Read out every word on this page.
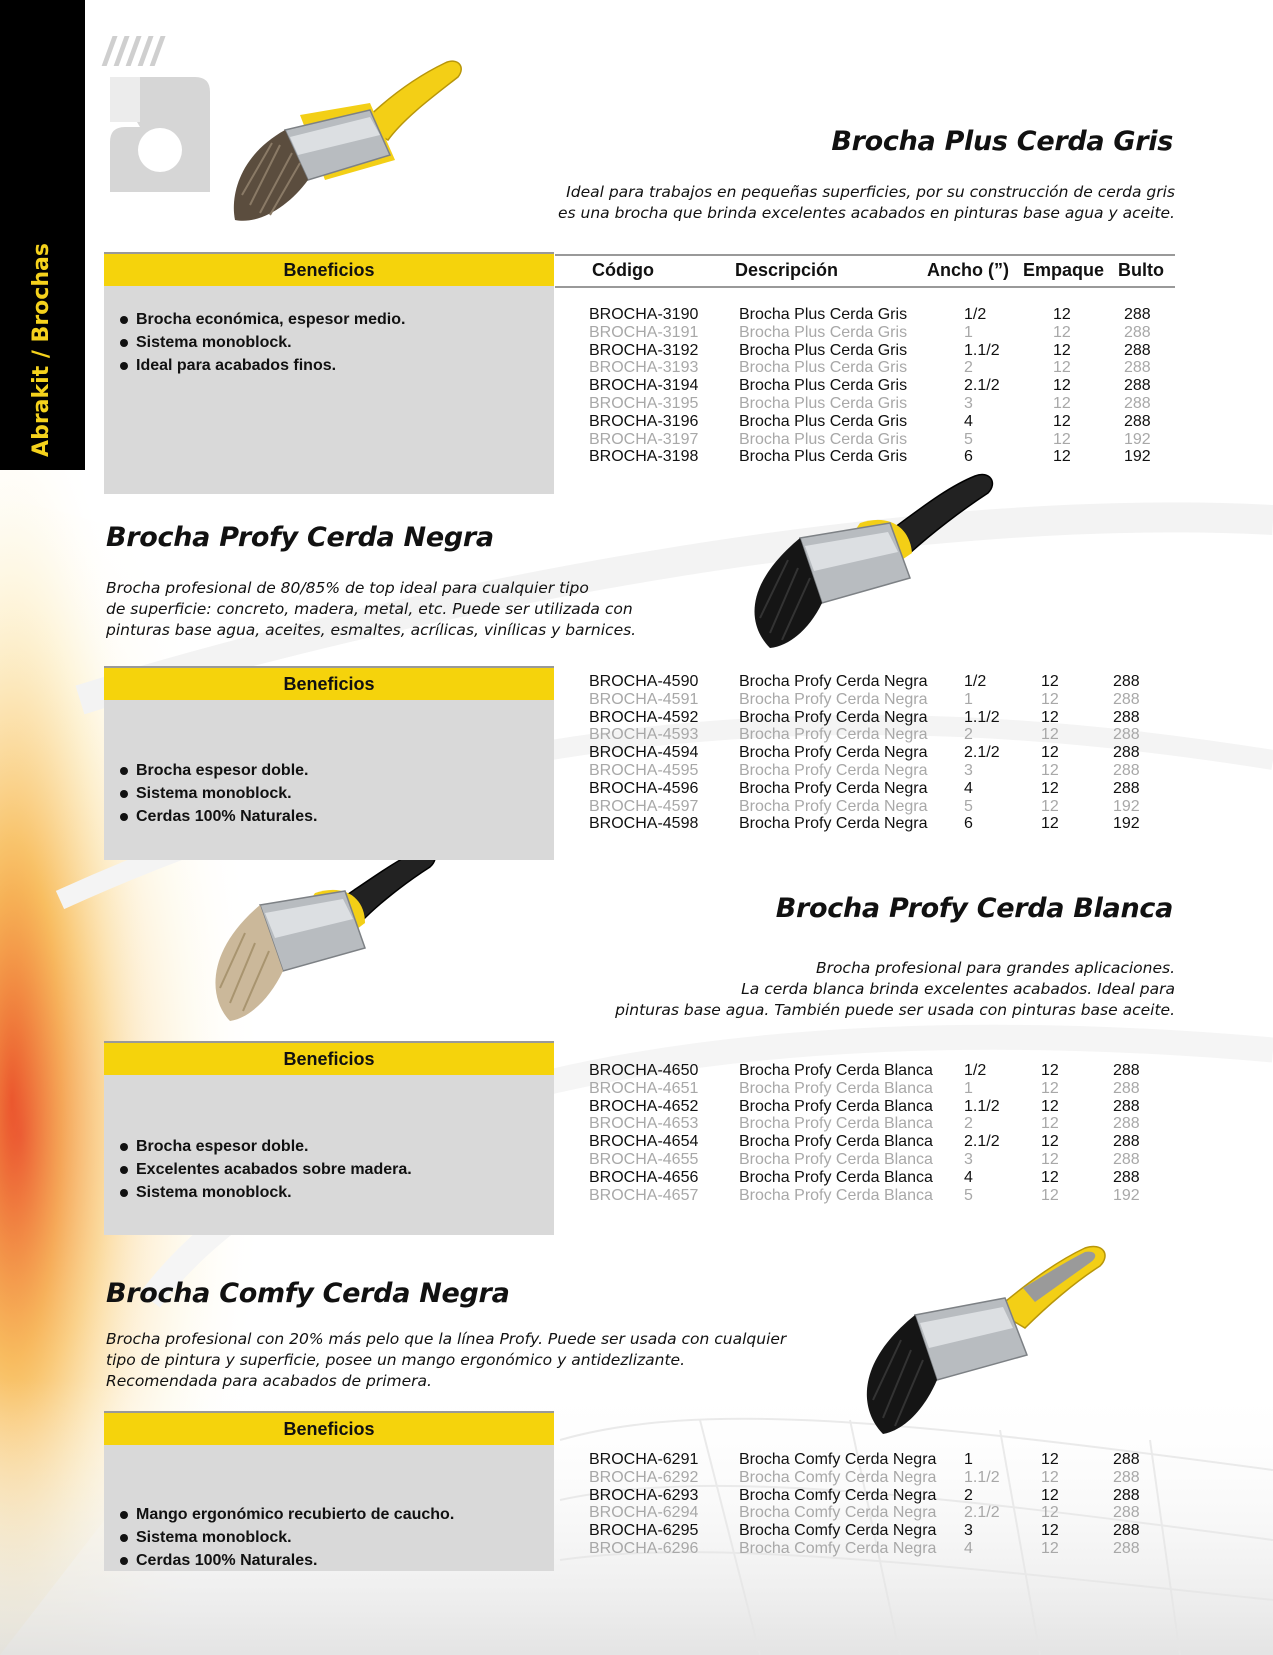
Abrakit / Brochas	Código	Descripción	Ancho (”) Empaque Bulto
Brocha Plus Cerda Gris

Ideal para trabajos en pequeñas superficies, por su construcción de cerda gris

es una brocha que brinda excelentes acabados en pinturas base agua y aceite.

Beneficios
Brocha económica, espesor medio.
Sistema monoblock.
Ideal para acabados finos.
BROCHA-3190	Brocha Plus Cerda Gris	1/2	12	288
BROCHA-3191	Brocha Plus Cerda Gris	1	12	288
BROCHA-3192	Brocha Plus Cerda Gris	1.1/2	12	288
BROCHA-3193	Brocha Plus Cerda Gris	2	12	288
BROCHA-3194	Brocha Plus Cerda Gris	2.1/2	12	288
BROCHA-3195	Brocha Plus Cerda Gris	3	12	288
BROCHA-3196	Brocha Plus Cerda Gris	4	12	288
BROCHA-3197	Brocha Plus Cerda Gris	5	12	192
BROCHA-3198	Brocha Plus Cerda Gris	6	12	192
Brocha Profy Cerda Negra

Brocha profesional de 80/85% de top ideal para cualquier tipo

de superficie: concreto, madera, metal, etc. Puede ser utilizada con

pinturas base agua, aceites, esmaltes, acrílicas, vinílicas y barnices.

Beneficios
Brocha espesor doble.
Sistema monoblock.
Cerdas 100% Naturales.
BROCHA-4590	Brocha Profy Cerda Negra 1/2	12	288
BROCHA-4591	Brocha Profy Cerda Negra 1	12	288
BROCHA-4592	Brocha Profy Cerda Negra 1.1/2	12	288
BROCHA-4593	Brocha Profy Cerda Negra 2	12	288
BROCHA-4594	Brocha Profy Cerda Negra 2.1/2	12	288
BROCHA-4595	Brocha Profy Cerda Negra 3	12	288
BROCHA-4596	Brocha Profy Cerda Negra 4	12	288
BROCHA-4597	Brocha Profy Cerda Negra 5	12	192
BROCHA-4598	Brocha Profy Cerda Negra 6	12	192
Brocha Profy Cerda Blanca

Brocha profesional para grandes aplicaciones.

La cerda blanca brinda excelentes acabados. Ideal para

pinturas base agua. También puede ser usada con pinturas base aceite.

Beneficios
Brocha espesor doble.
Excelentes acabados sobre madera.
Sistema monoblock.
BROCHA-4650	Brocha Profy Cerda Blanca 1/2	12	288
BROCHA-4651	Brocha Profy Cerda Blanca 1	12	288
BROCHA-4652	Brocha Profy Cerda Blanca 1.1/2	12	288
BROCHA-4653	Brocha Profy Cerda Blanca 2	12	288
BROCHA-4654	Brocha Profy Cerda Blanca 2.1/2	12	288
BROCHA-4655	Brocha Profy Cerda Blanca 3	12	288
BROCHA-4656	Brocha Profy Cerda Blanca 4	12	288
BROCHA-4657	Brocha Profy Cerda Blanca 5	12	192
Brocha Comfy Cerda Negra

Brocha profesional con 20% más pelo que la línea Profy. Puede ser usada con cualquier

tipo de pintura y superficie, posee un mango ergonómico y antidezlizante.

Recomendada para acabados de primera.

Beneficios
Mango ergonómico recubierto de caucho.
Sistema monoblock.
Cerdas 100% Naturales.
BROCHA-6291	Brocha Comfy Cerda Negra 1	12	288
BROCHA-6292	Brocha Comfy Cerda Negra 1.1/2	12	288
BROCHA-6293	Brocha Comfy Cerda Negra 2	12	288
BROCHA-6294	Brocha Comfy Cerda Negra 2.1/2	12	288
BROCHA-6295	Brocha Comfy Cerda Negra 3	12	288
BROCHA-6296	Brocha Comfy Cerda Negra 4	12	288
